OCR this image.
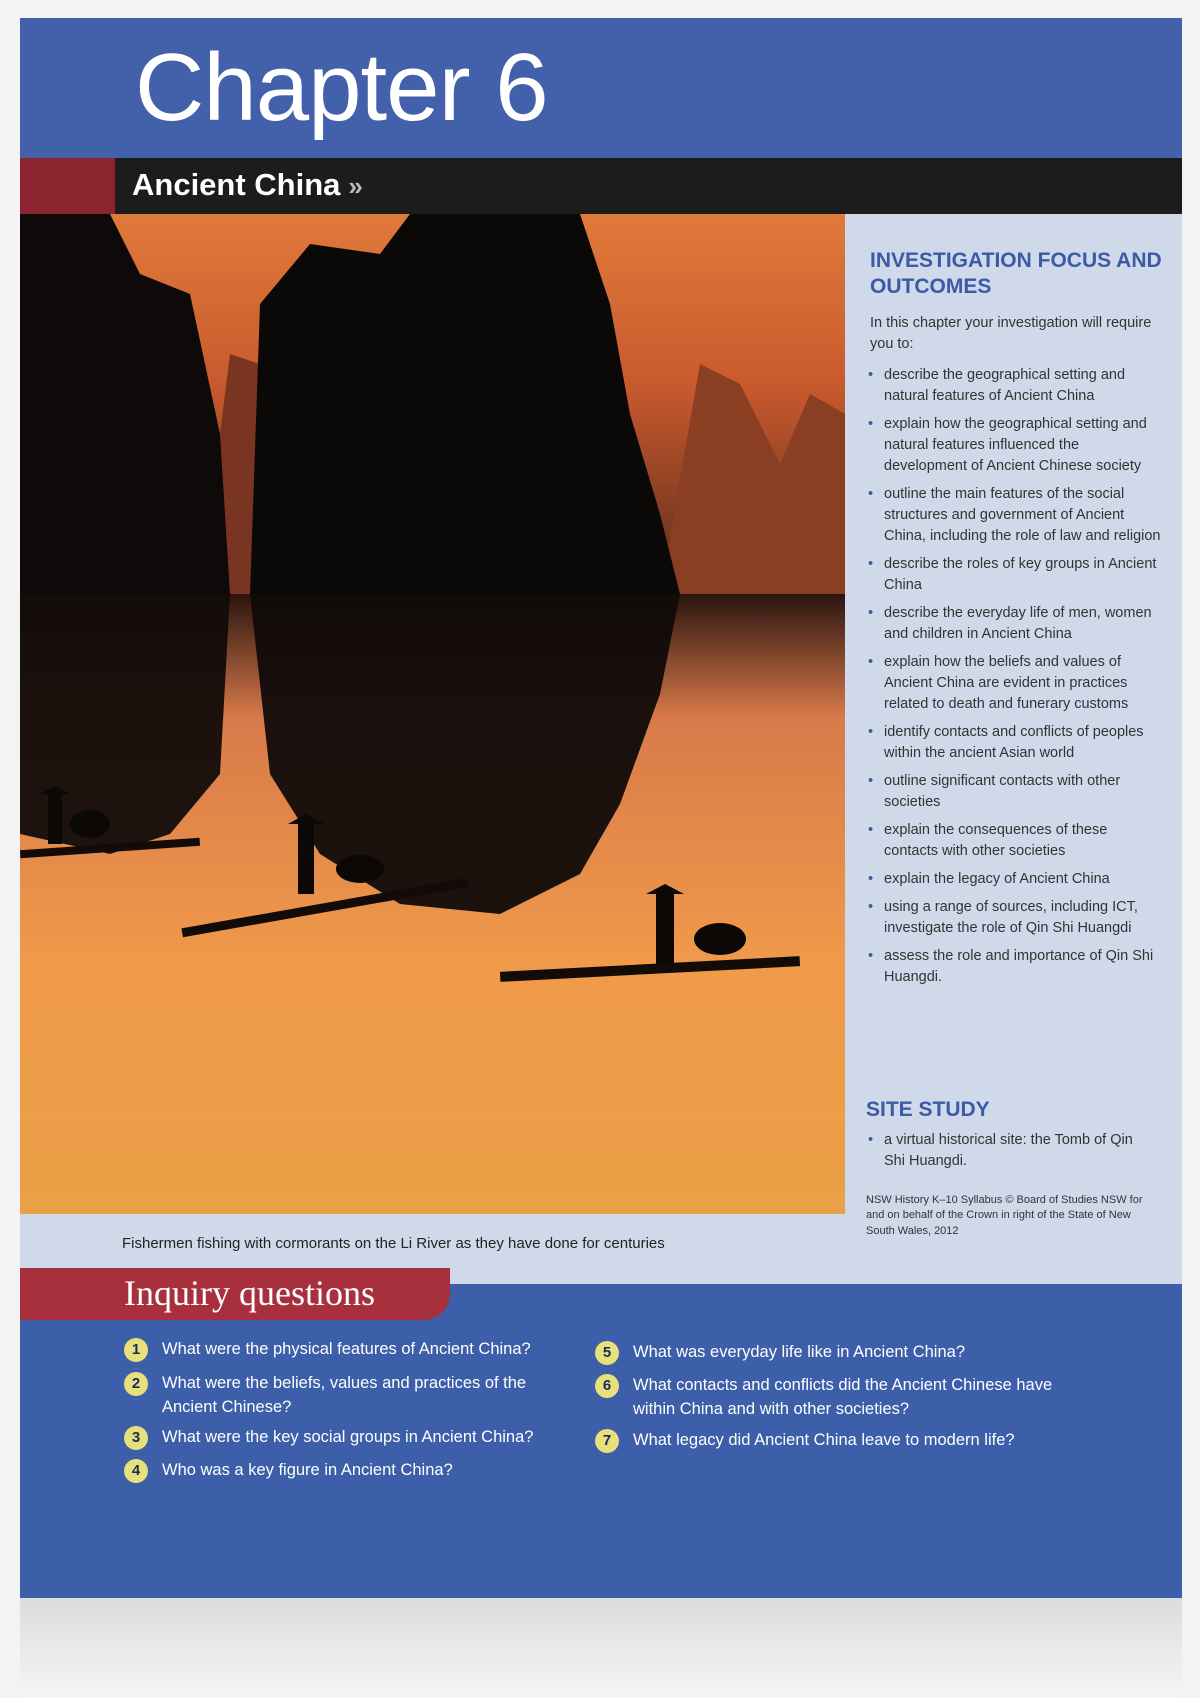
Chapter 6
Ancient China »
Fishermen fishing with cormorants on the Li River as they have done for centuries
INVESTIGATION FOCUS AND OUTCOMES
In this chapter your investigation will require you to:
• describe the geographical setting and natural features of Ancient China
• explain how the geographical setting and natural features influenced the development of Ancient Chinese society
• outline the main features of the social structures and government of Ancient China, including the role of law and religion
• describe the roles of key groups in Ancient China
• describe the everyday life of men, women and children in Ancient China
• explain how the beliefs and values of Ancient China are evident in practices related to death and funerary customs
• identify contacts and conflicts of peoples within the ancient Asian world
• outline significant contacts with other societies
• explain the consequences of these contacts with other societies
• explain the legacy of Ancient China
• using a range of sources, including ICT, investigate the role of Qin Shi Huangdi
• assess the role and importance of Qin Shi Huangdi.
SITE STUDY
• a virtual historical site: the Tomb of Qin Shi Huangdi.
NSW History K–10 Syllabus © Board of Studies NSW for and on behalf of the Crown in right of the State of New South Wales, 2012
Inquiry questions
1	What were the physical features of Ancient China?
2	What were the beliefs, values and practices of the Ancient Chinese?
3	What were the key social groups in Ancient China?
4	Who was a key figure in Ancient China?
5	What was everyday life like in Ancient China?
6	What contacts and conflicts did the Ancient Chinese have within China and with other societies?
7	What legacy did Ancient China leave to modern life?
